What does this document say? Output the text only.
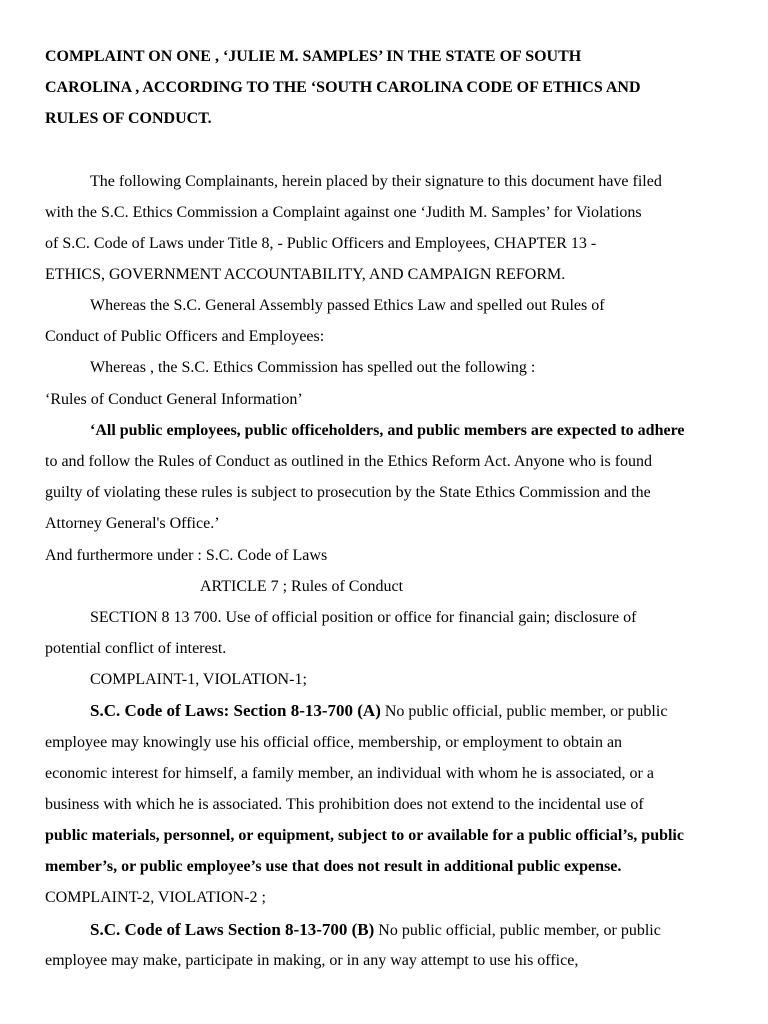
COMPLAINT ON ONE , ‘JULIE M. SAMPLES’ IN THE STATE OF SOUTH
CAROLINA , ACCORDING TO THE ‘SOUTH CAROLINA CODE OF ETHICS AND
RULES OF CONDUCT.
The following Complainants, herein placed by their signature to this document have filed
with the S.C. Ethics Commission a Complaint against one ‘Judith M. Samples’ for Violations
of S.C. Code of Laws under Title 8, - Public Officers and Employees, CHAPTER 13 -
ETHICS, GOVERNMENT ACCOUNTABILITY, AND CAMPAIGN REFORM.
Whereas the S.C. General Assembly passed Ethics Law and spelled out Rules of
Conduct of Public Officers and Employees:
Whereas , the S.C. Ethics Commission has spelled out the following :
‘Rules of Conduct General Information’
‘All public employees, public officeholders, and public members are expected to adhere
to and follow the Rules of Conduct as outlined in the Ethics Reform Act. Anyone who is found
guilty of violating these rules is subject to prosecution by the State Ethics Commission and the
Attorney General's Office.’
And furthermore under : S.C. Code of Laws
ARTICLE 7 ; Rules of Conduct
SECTION 8 13 700. Use of official position or office for financial gain; disclosure of
potential conflict of interest.
COMPLAINT-1, VIOLATION-1;
S.C. Code of Laws: Section 8-13-700 (A) No public official, public member, or public
employee may knowingly use his official office, membership, or employment to obtain an
economic interest for himself, a family member, an individual with whom he is associated, or a
business with which he is associated. This prohibition does not extend to the incidental use of
public materials, personnel, or equipment, subject to or available for a public official’s, public
member’s, or public employee’s use that does not result in additional public expense.
COMPLAINT-2, VIOLATION-2 ;
S.C. Code of Laws Section 8-13-700 (B) No public official, public member, or public
employee may make, participate in making, or in any way attempt to use his office,
